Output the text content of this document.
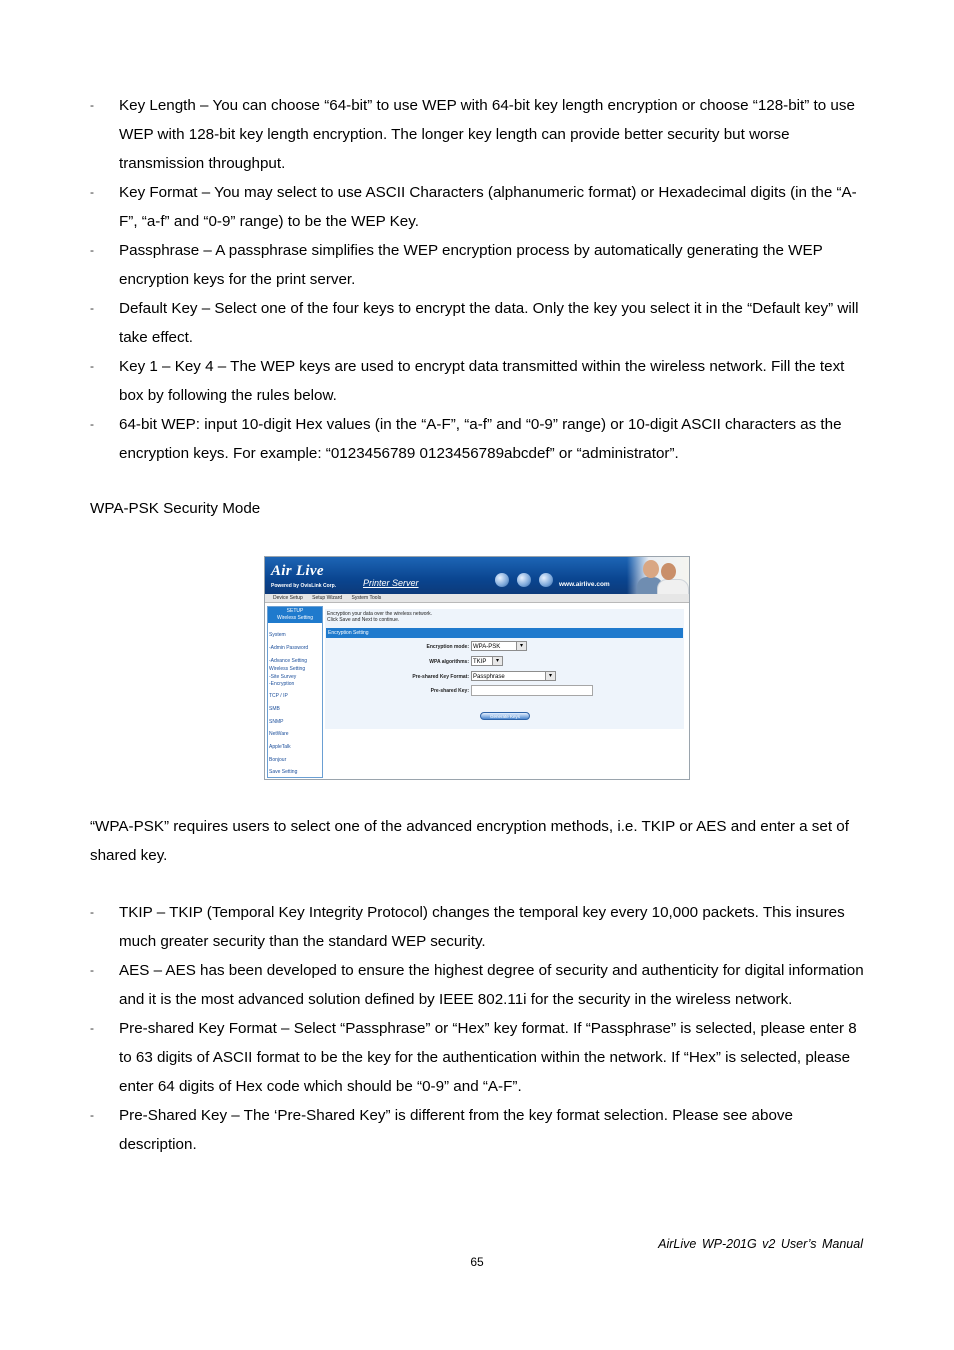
- Key Length – You can choose “64-bit” to use WEP with 64-bit key length encryption or choose “128-bit” to use WEP with 128-bit key length encryption. The longer key length can provide better security but worse transmission throughput.
- Key Format – You may select to use ASCII Characters (alphanumeric format) or Hexadecimal digits (in the “A-F”, “a-f” and “0-9” range) to be the WEP Key.
- Passphrase – A passphrase simplifies the WEP encryption process by automatically generating the WEP encryption keys for the print server.
- Default Key – Select one of the four keys to encrypt the data. Only the key you select it in the “Default key” will take effect.
- Key 1 – Key 4 – The WEP keys are used to encrypt data transmitted within the wireless network. Fill the text box by following the rules below.
- 64-bit WEP: input 10-digit Hex values (in the “A-F”, “a-f” and “0-9” range) or 10-digit ASCII characters as the encryption keys. For example: “0123456789 0123456789abcdef” or “administrator”.
WPA-PSK Security Mode
Air Live
Powered by OvisLink Corp.	Printer Server	www.airlive.com
Device Setup Setup Wizard System Tools
SETUP
Wireless Setting
System
-Admin Password
-Advance Setting
Wireless Setting
-Site Survey
-Encryption
TCP / IP
SMB
SNMP
NetWare
AppleTalk
Bonjour
Save Setting
Encryption your data over the wireless network.
Click Save and Next to continue.
Encryption Setting
Encryption mode: WPA-PSK	▾
WPA algorithms: TKIP	▾
Pre-shared Key Format: Passphrase	▾
Pre-shared Key:
Generate Keys
“WPA-PSK” requires users to select one of the advanced encryption methods, i.e. TKIP or AES and enter a set of shared key.
- TKIP – TKIP (Temporal Key Integrity Protocol) changes the temporal key every 10,000 packets. This insures much greater security than the standard WEP security.
- AES – AES has been developed to ensure the highest degree of security and authenticity for digital information and it is the most advanced solution defined by IEEE 802.11i for the security in the wireless network.
- Pre-shared Key Format – Select “Passphrase” or “Hex” key format. If “Passphrase” is selected, please enter 8 to 63 digits of ASCII format to be the key for the authentication within the network. If “Hex” is selected, please enter 64 digits of Hex code which should be “0-9” and “A-F”.
- Pre-Shared Key – The ‘Pre-Shared Key” is different from the key format selection. Please see above description.
AirLive WP-201G v2 User’s Manual
65
